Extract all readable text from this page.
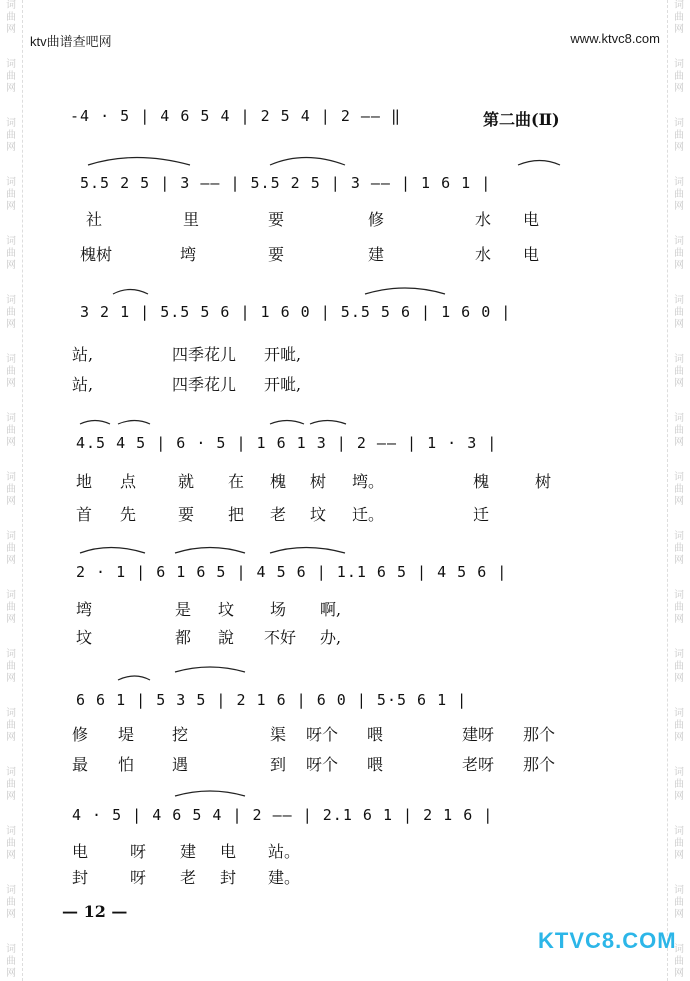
词
曲
网
词
曲
网
词
曲
网
词
曲
网
词
曲
网
词
曲
网
词
曲
网
词
曲
网
词
曲
网
词
曲
网
词
曲
网
词
曲
网
词
曲
网
词
曲
网
词
曲
网
词
曲
网
词
曲
网
词
曲
网
词
曲
网
词
曲
网
词
曲
网
词
曲
网
词
曲
网
词
曲
网
词
曲
网
词
曲
网
词
曲
网
词
曲
网
词
曲
网
词
曲
网
词
曲
网
词
曲
网
词
曲
网
词
曲
网
ktv曲谱查吧网	www.ktvc8.com
-4 · 5 | 4 6 5 4 | 2 5 4 | 2 —— ‖	第二曲(Ⅱ)
5.5 2 5 | 3 —— | 5.5 2 5 | 3 —— | 1 6 1 |
社	里	要	修	水 电
槐树	塆	要	建	水 电
3 2 1 | 5.5 5 6 | 1 6 0 | 5.5 5 6 | 1 6 0 |
站,	四季花儿 开呲,
站,	四季花儿 开呲,
4.5 4 5 | 6 · 5 | 1 6 1 3 | 2 —— | 1 · 3 |
地 点	就 在 槐 树 塆。	槐	树
首 先	要 把 老 坟 迁。	迁
2 · 1 | 6 1 6 5 | 4 5 6 | 1.1 6 5 | 4 5 6 |
塆	是 坟 场 啊,
坟	都 說 不好 办,
6 6 1 | 5 3 5 | 2 1 6 | 6 0 | 5·5 6 1 |
修 堤 挖	渠 呀个 喂	建呀 那个
最 怕 遇	到 呀个 喂	老呀 那个
4 · 5 | 4 6 5 4 | 2 —— | 2.1 6 1 | 2 1 6 |
电	呀 建 电 站。
封	呀 老 封 建。
— 12 —
KTVC8.COM
